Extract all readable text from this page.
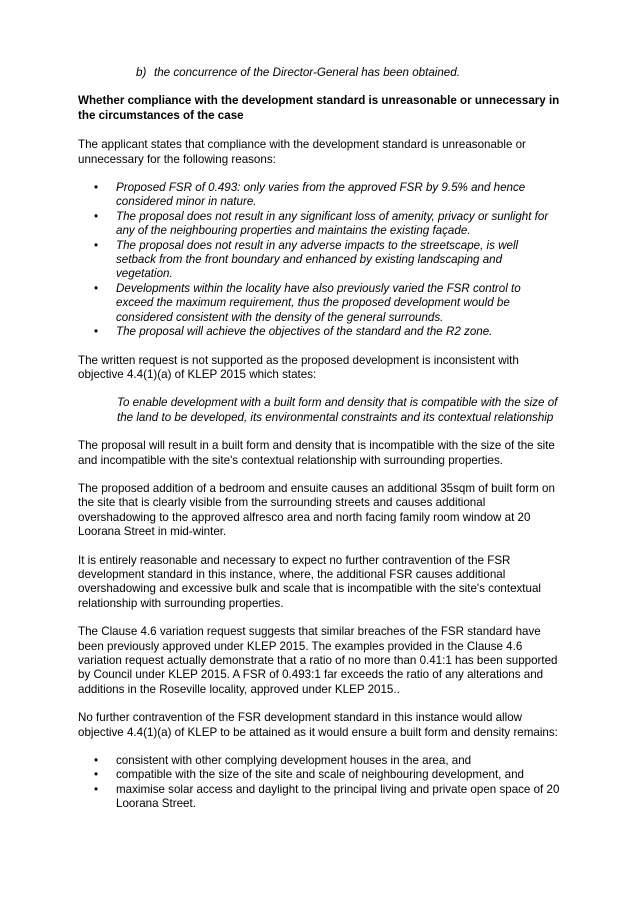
b) the concurrence of the Director-General has been obtained.

Whether compliance with the development standard is unreasonable or unnecessary in the circumstances of the case

The applicant states that compliance with the development standard is unreasonable or unnecessary for the following reasons:

• Proposed FSR of 0.493: only varies from the approved FSR by 9.5% and hence considered minor in nature.
• The proposal does not result in any significant loss of amenity, privacy or sunlight for any of the neighbouring properties and maintains the existing façade.
• The proposal does not result in any adverse impacts to the streetscape, is well setback from the front boundary and enhanced by existing landscaping and vegetation.
• Developments within the locality have also previously varied the FSR control to exceed the maximum requirement, thus the proposed development would be considered consistent with the density of the general surrounds.
• The proposal will achieve the objectives of the standard and the R2 zone.

The written request is not supported as the proposed development is inconsistent with objective 4.4(1)(a) of KLEP 2015 which states:

To enable development with a built form and density that is compatible with the size of the land to be developed, its environmental constraints and its contextual relationship

The proposal will result in a built form and density that is incompatible with the size of the site and incompatible with the site's contextual relationship with surrounding properties.

The proposed addition of a bedroom and ensuite causes an additional 35sqm of built form on the site that is clearly visible from the surrounding streets and causes additional overshadowing to the approved alfresco area and north facing family room window at 20 Loorana Street in mid-winter.

It is entirely reasonable and necessary to expect no further contravention of the FSR development standard in this instance, where, the additional FSR causes additional overshadowing and excessive bulk and scale that is incompatible with the site's contextual relationship with surrounding properties.

The Clause 4.6 variation request suggests that similar breaches of the FSR standard have been previously approved under KLEP 2015. The examples provided in the Clause 4.6 variation request actually demonstrate that a ratio of no more than 0.41:1 has been supported by Council under KLEP 2015. A FSR of 0.493:1 far exceeds the ratio of any alterations and additions in the Roseville locality, approved under KLEP 2015..

No further contravention of the FSR development standard in this instance would allow objective 4.4(1)(a) of KLEP to be attained as it would ensure a built form and density remains:

• consistent with other complying development houses in the area, and
• compatible with the size of the site and scale of neighbouring development, and
• maximise solar access and daylight to the principal living and private open space of 20 Loorana Street.
